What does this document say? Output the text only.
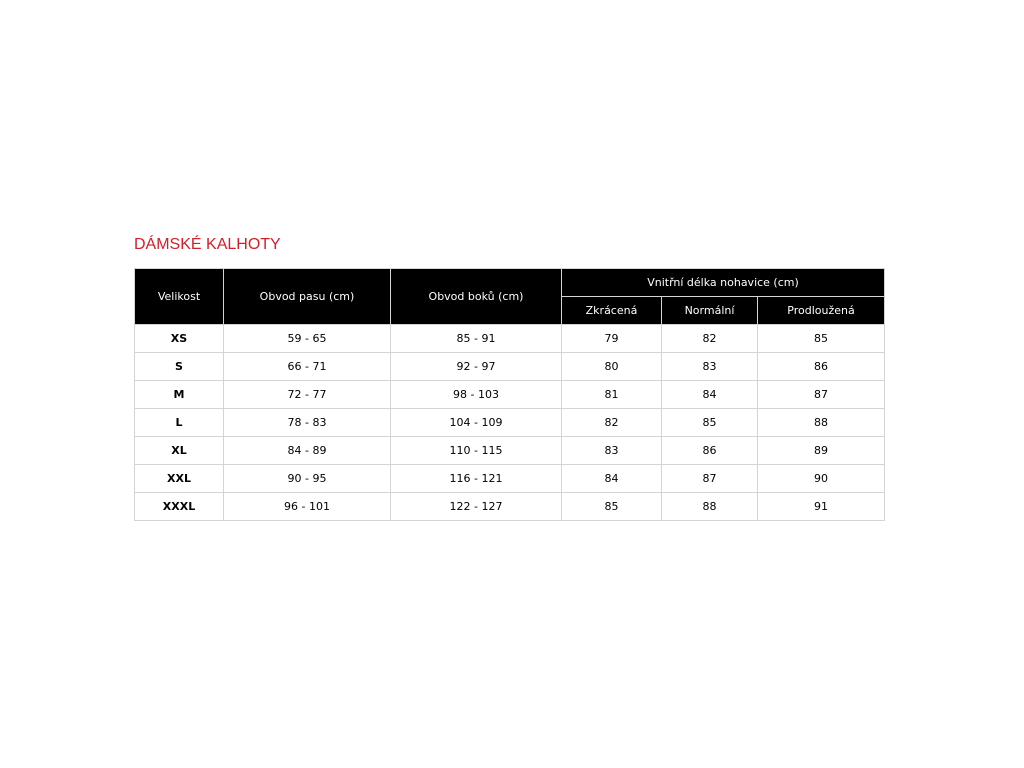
DÁMSKÉ KALHOTY
Velikost	Obvod pasu (cm)	Obvod boků (cm)	Vnitřní délka nohavice (cm)		
			Zkrácená	Normální	Prodloužená
XS	59 - 65	85 - 91	79	82	85
S	66 - 71	92 - 97	80	83	86
M	72 - 77	98 - 103	81	84	87
L	78 - 83	104 - 109	82	85	88
XL	84 - 89	110 - 115	83	86	89
XXL	90 - 95	116 - 121	84	87	90
XXXL	96 - 101	122 - 127	85	88	91
